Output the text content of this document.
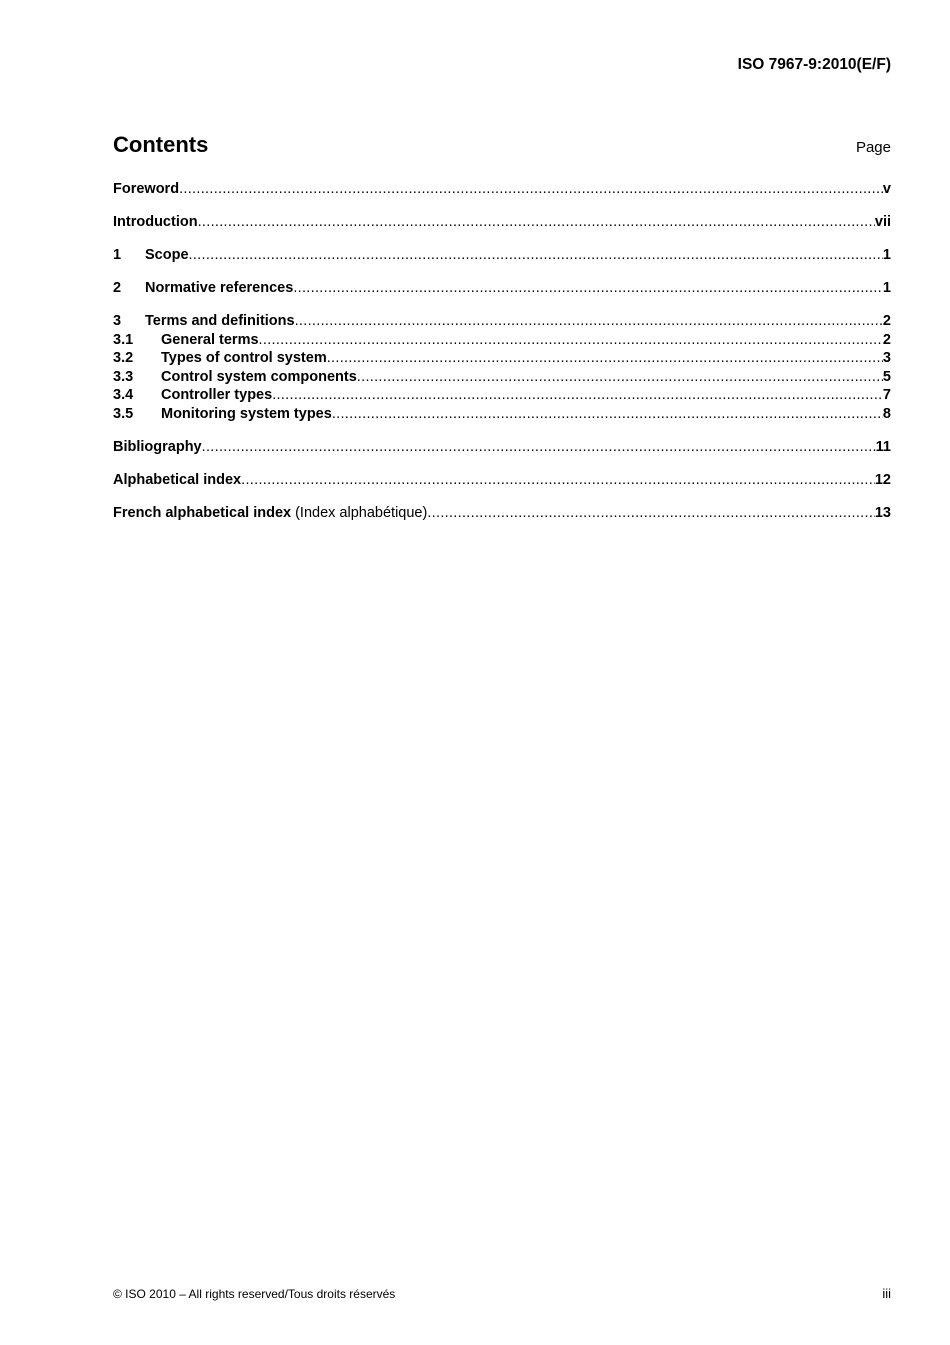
ISO 7967-9:2010(E/F)
Contents	Page
Foreword .....	v
Introduction .....	vii
1	Scope .....	1
2	Normative references .....	1
3	Terms and definitions .....	2
3.1	General terms .....	2
3.2	Types of control system .....	3
3.3	Control system components .....	5
3.4	Controller types .....	7
3.5	Monitoring system types .....	8
Bibliography .....	11
Alphabetical index .....	12
French alphabetical index (Index alphabétique) .....	13
© ISO 2010 – All rights reserved/Tous droits réservés	iii
